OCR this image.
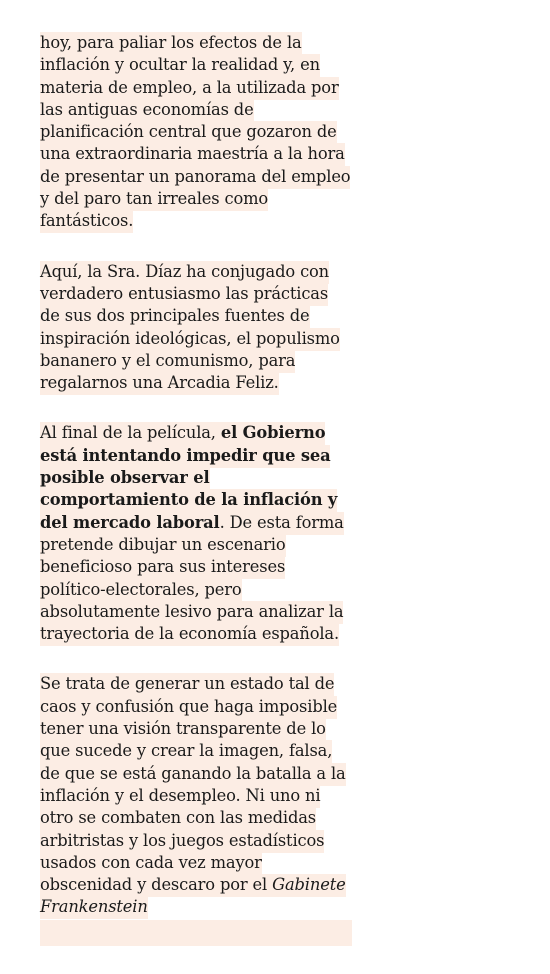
hoy, para paliar los efectos de la inflación y ocultar la realidad y, en materia de empleo, a la utilizada por las antiguas economías de planificación central que gozaron de una extraordinaria maestría a la hora de presentar un panorama del empleo y del paro tan irreales como fantásticos.

Aquí, la Sra. Díaz ha conjugado con verdadero entusiasmo las prácticas de sus dos principales fuentes de inspiración ideológicas, el populismo bananero y el comunismo, para regalarnos una Arcadia Feliz.

Al final de la película, el Gobierno está intentando impedir que sea posible observar el comportamiento de la inflación y del mercado laboral. De esta forma pretende dibujar un escenario beneficioso para sus intereses político-electorales, pero absolutamente lesivo para analizar la trayectoria de la economía española.

Se trata de generar un estado tal de caos y confusión que haga imposible tener una visión transparente de lo que sucede y crear la imagen, falsa, de que se está ganando la batalla a la inflación y el desempleo. Ni uno ni otro se combaten con las medidas arbitristas y los juegos estadísticos usados con cada vez mayor obscenidad y descaro por el Gabinete Frankenstein
